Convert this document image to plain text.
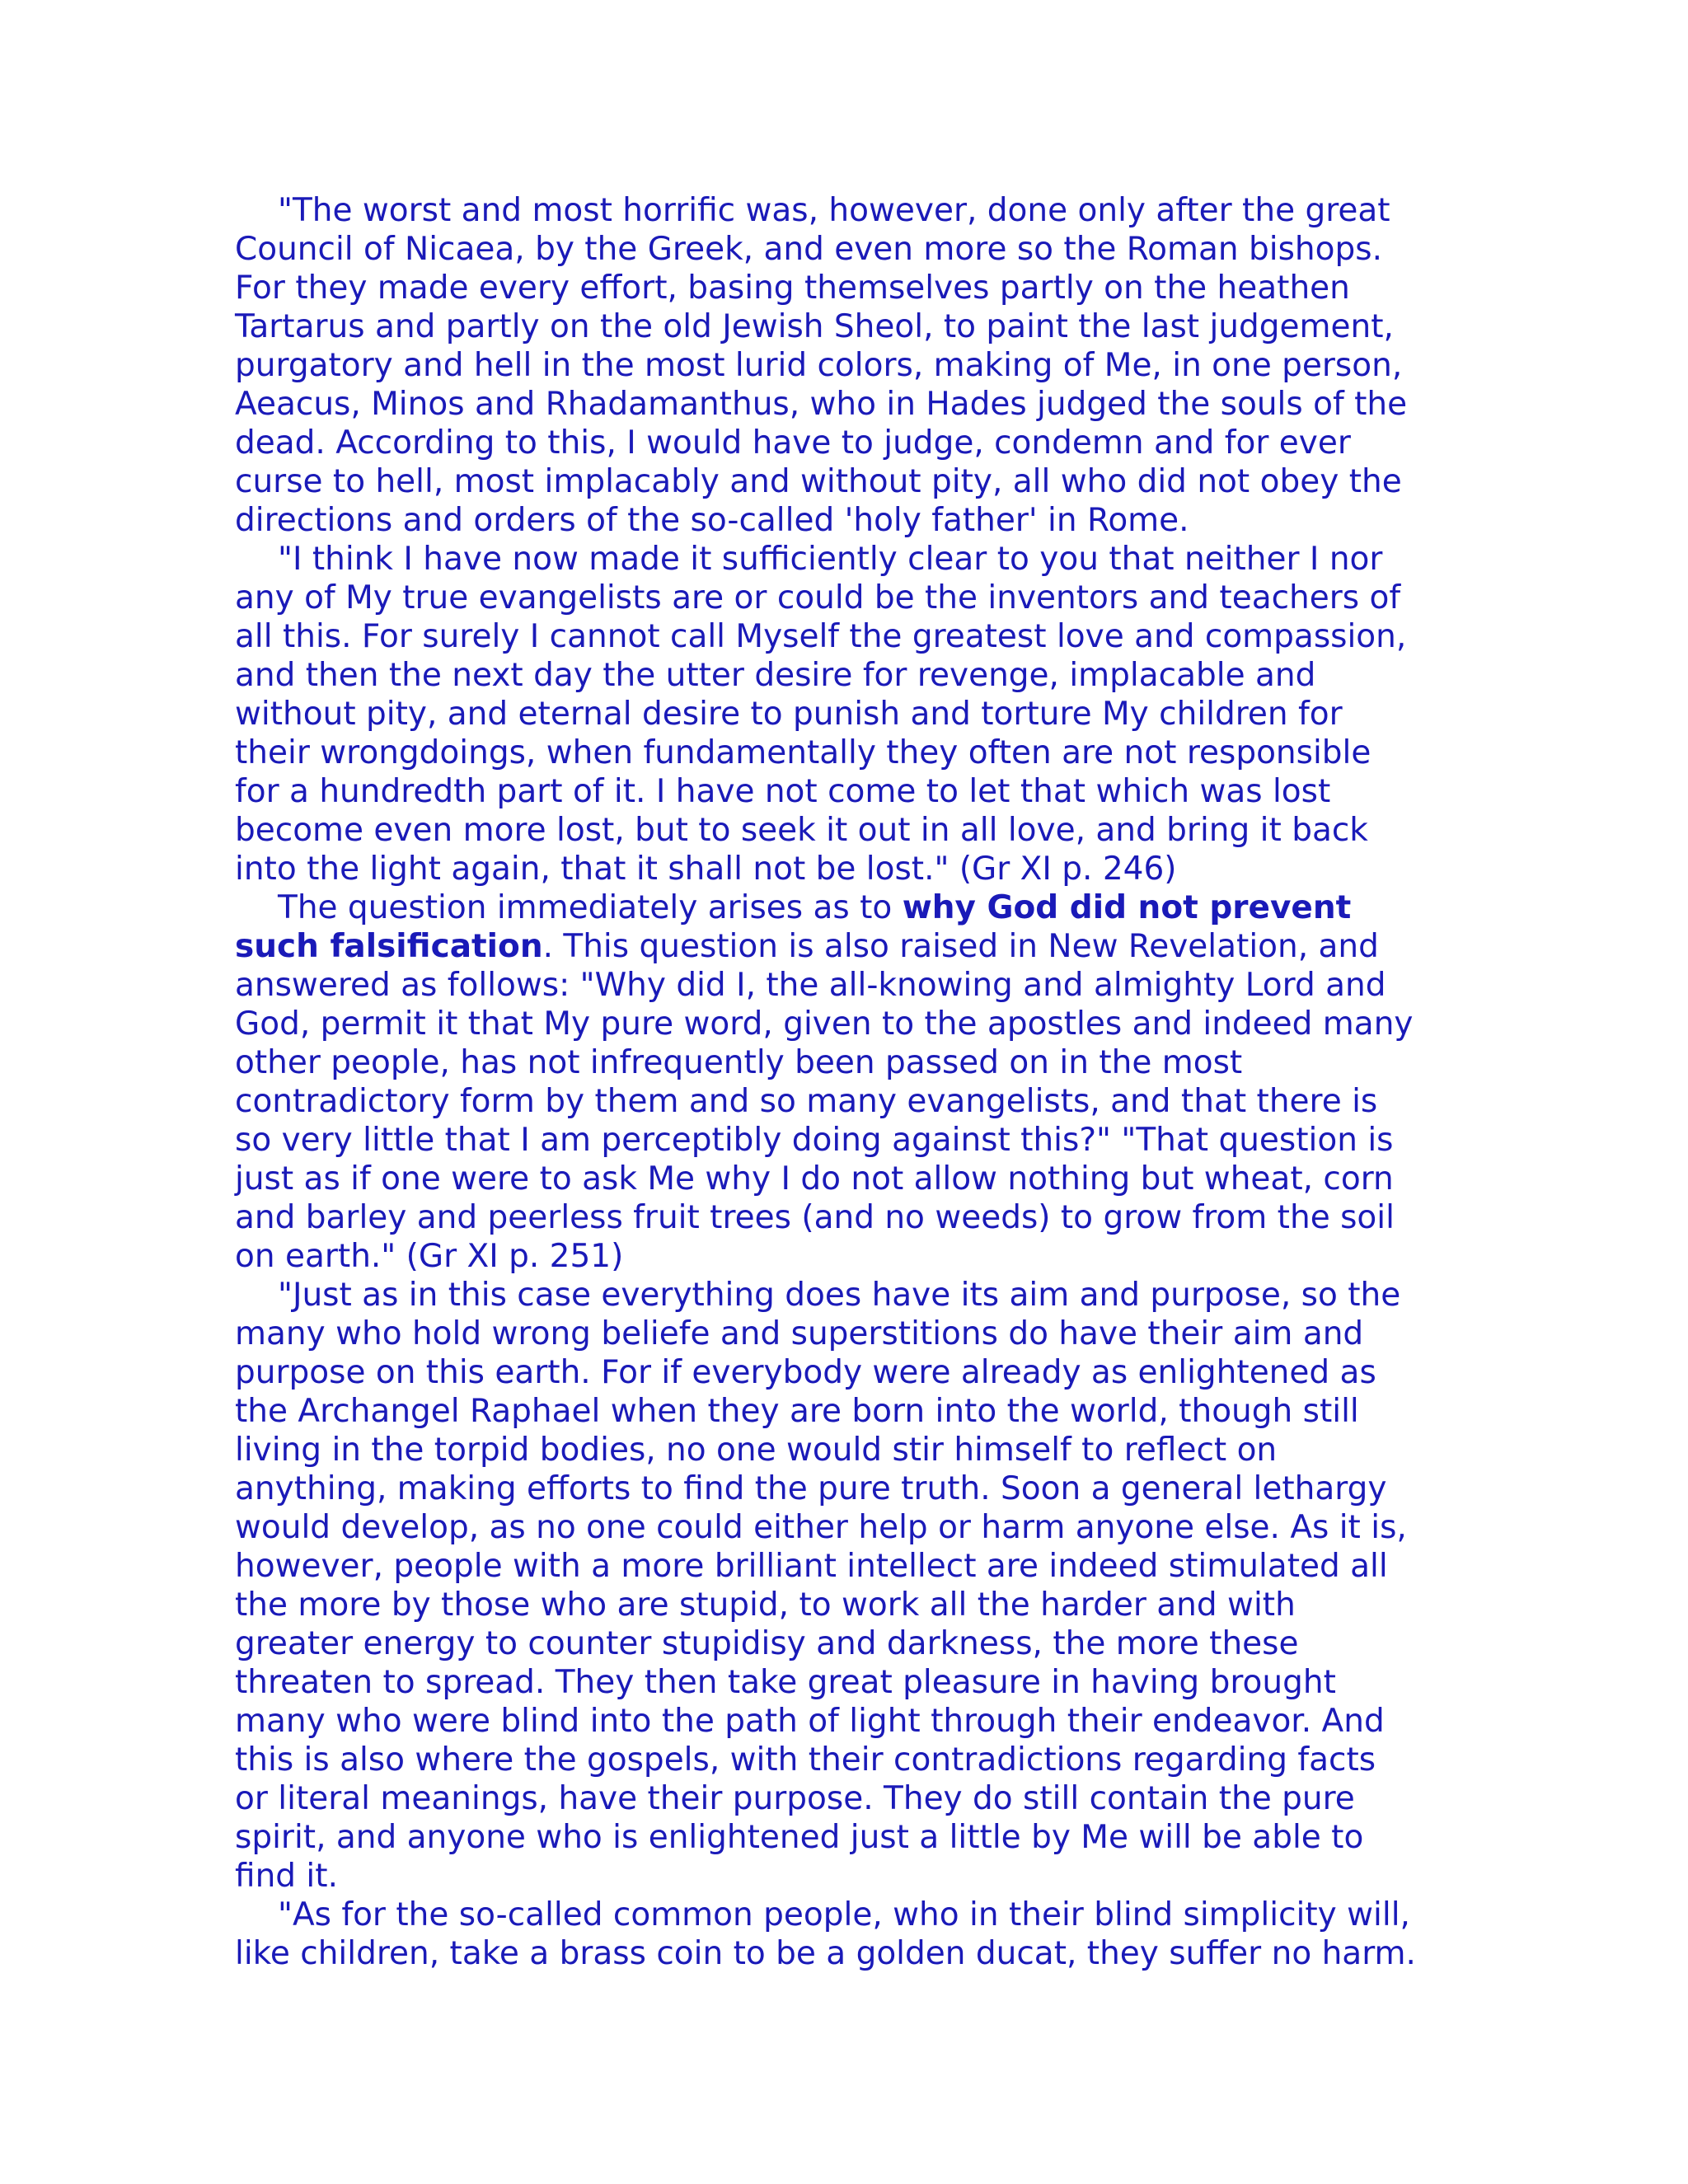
"The worst and most horrific was, however, done only after the great
Council of Nicaea, by the Greek, and even more so the Roman bishops.
For they made every effort, basing themselves partly on the heathen
Tartarus and partly on the old Jewish Sheol, to paint the last judgement,
purgatory and hell in the most lurid colors, making of Me, in one person,
Aeacus, Minos and Rhadamanthus, who in Hades judged the souls of the
dead. According to this, I would have to judge, condemn and for ever
curse to hell, most implacably and without pity, all who did not obey the
directions and orders of the so-called 'holy father' in Rome.

"I think I have now made it sufficiently clear to you that neither I nor
any of My true evangelists are or could be the inventors and teachers of
all this. For surely I cannot call Myself the greatest love and compassion,
and then the next day the utter desire for revenge, implacable and
without pity, and eternal desire to punish and torture My children for
their wrongdoings, when fundamentally they often are not responsible
for a hundredth part of it. I have not come to let that which was lost
become even more lost, but to seek it out in all love, and bring it back
into the light again, that it shall not be lost." (Gr XI p. 246)

The question immediately arises as to why God did not prevent
such falsification. This question is also raised in New Revelation, and
answered as follows: "Why did I, the all-knowing and almighty Lord and
God, permit it that My pure word, given to the apostles and indeed many
other people, has not infrequently been passed on in the most
contradictory form by them and so many evangelists, and that there is
so very little that I am perceptibly doing against this?" "That question is
just as if one were to ask Me why I do not allow nothing but wheat, corn
and barley and peerless fruit trees (and no weeds) to grow from the soil
on earth." (Gr XI p. 251)

"Just as in this case everything does have its aim and purpose, so the
many who hold wrong beliefe and superstitions do have their aim and
purpose on this earth. For if everybody were already as enlightened as
the Archangel Raphael when they are born into the world, though still
living in the torpid bodies, no one would stir himself to reflect on
anything, making efforts to find the pure truth. Soon a general lethargy
would develop, as no one could either help or harm anyone else. As it is,
however, people with a more brilliant intellect are indeed stimulated all
the more by those who are stupid, to work all the harder and with
greater energy to counter stupidisy and darkness, the more these
threaten to spread. They then take great pleasure in having brought
many who were blind into the path of light through their endeavor. And
this is also where the gospels, with their contradictions regarding facts
or literal meanings, have their purpose. They do still contain the pure
spirit, and anyone who is enlightened just a little by Me will be able to
find it.

"As for the so-called common people, who in their blind simplicity will,
like children, take a brass coin to be a golden ducat, they suffer no harm.
